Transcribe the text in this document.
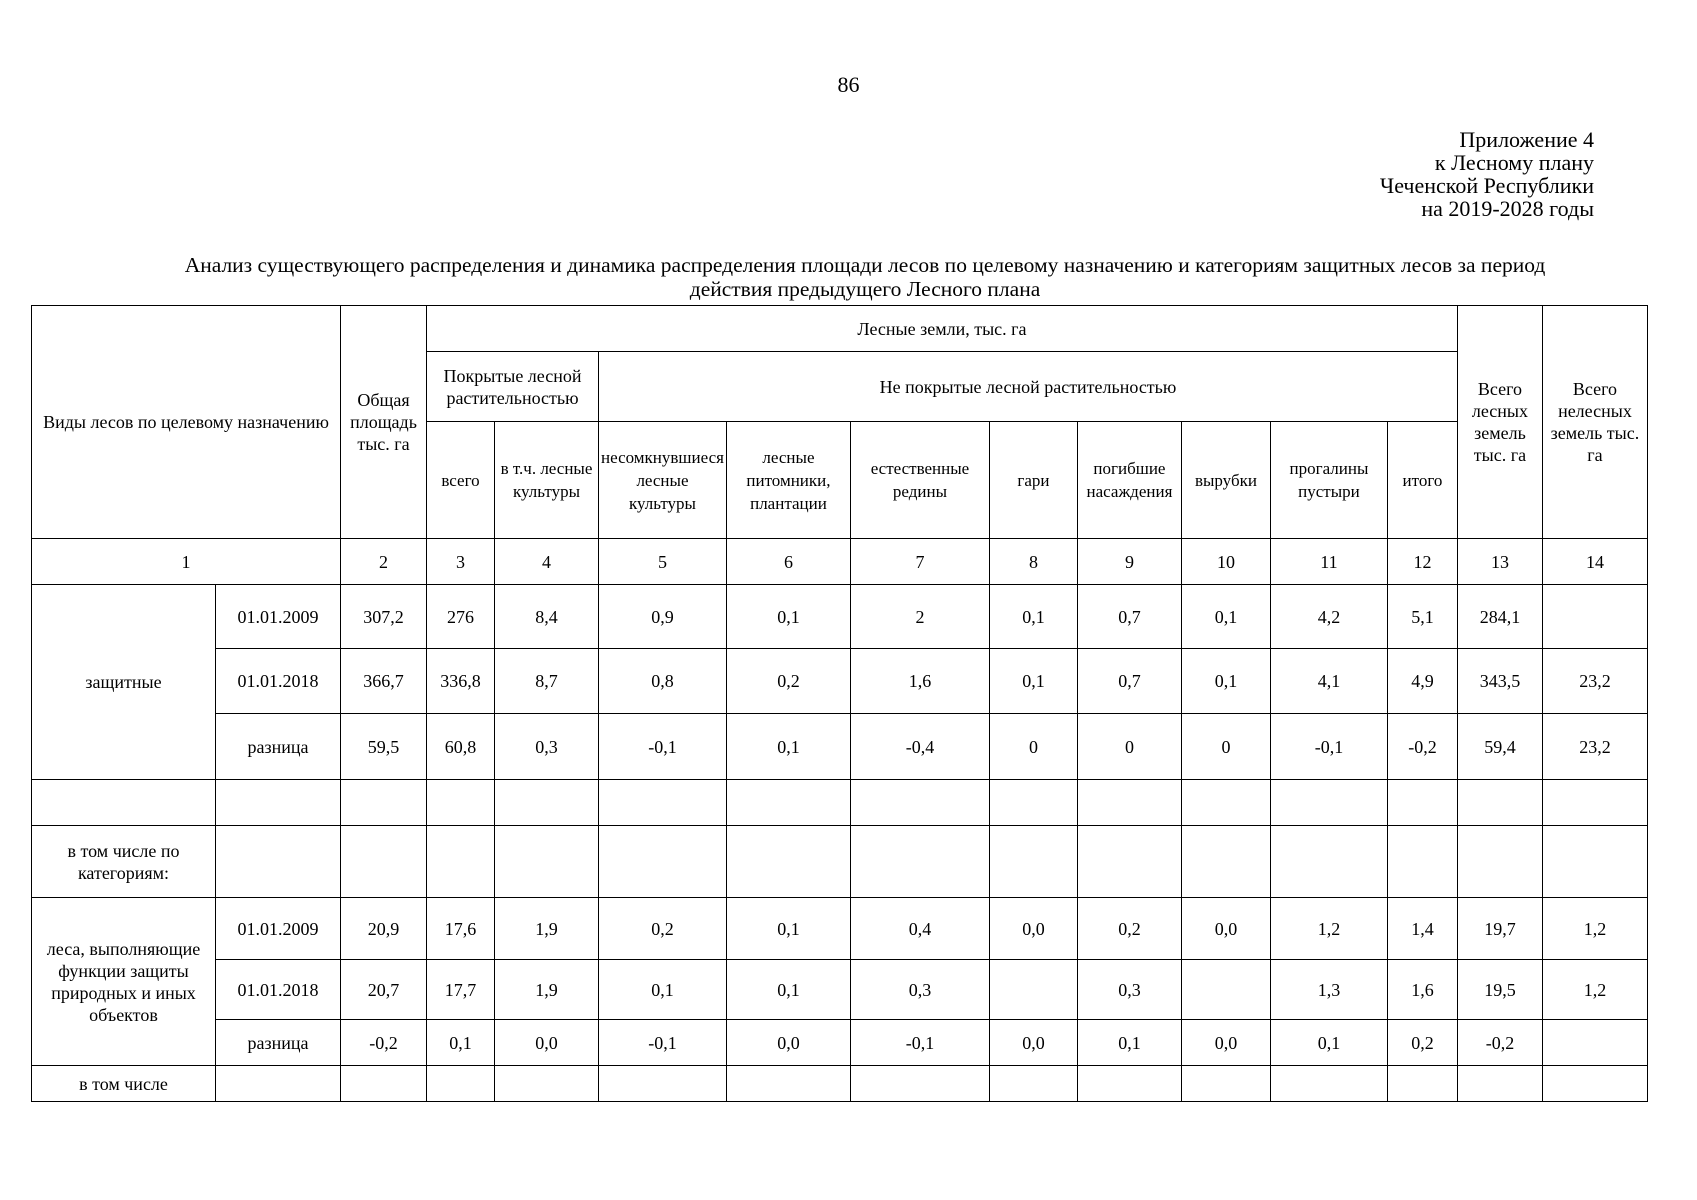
86
Приложение 4
к Лесному плану
Чеченской Республики
на 2019-2028 годы
Анализ существующего распределения и динамика распределения площади лесов по целевому назначению и категориям защитных лесов за период действия предыдущего Лесного плана
Виды лесов по целевому назначению		Общая площадь тыс. га	Лесные земли, тыс. га										Всего лесных земель тыс. га	Всего нелесных земель тыс. га
			Покрытые лесной растительностью		Не покрытые лесной растительностью									
			всего	в т.ч. лесные культуры	несомкнувшиеся лесные культуры	лесные питомники, плантации	естественные редины	гари	погибшие насаждения	вырубки	прогалины пустыри	итого		
1		2	3	4	5	6	7	8	9	10	11	12	13	14
защитные	01.01.2009	307,2	276	8,4	0,9	0,1	2	0,1	0,7	0,1	4,2	5,1	284,1	
	01.01.2018	366,7	336,8	8,7	0,8	0,2	1,6	0,1	0,7	0,1	4,1	4,9	343,5	23,2
	разница	59,5	60,8	0,3	-0,1	0,1	-0,4	0	0	0	-0,1	-0,2	59,4	23,2

в том числе по категориям:														
леса, выполняющие функции защиты природных и иных объектов	01.01.2009	20,9	17,6	1,9	0,2	0,1	0,4	0,0	0,2	0,0	1,2	1,4	19,7	1,2
	01.01.2018	20,7	17,7	1,9	0,1	0,1	0,3		0,3		1,3	1,6	19,5	1,2
	разница	-0,2	0,1	0,0	-0,1	0,0	-0,1	0,0	0,1	0,0	0,1	0,2	-0,2	
в том числе														
